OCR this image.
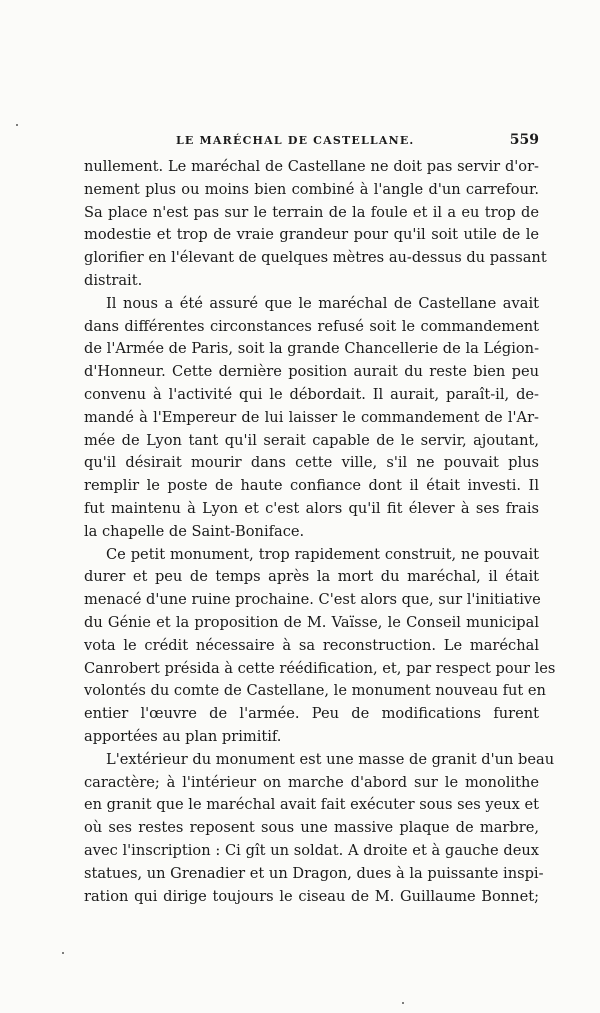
LE MARÉCHAL DE CASTELLANE.	559
nullement. Le maréchal de Castellane ne doit pas servir d'or-
nement plus ou moins bien combiné à l'angle d'un carrefour.
Sa place n'est pas sur le terrain de la foule et il a eu trop de
modestie et trop de vraie grandeur pour qu'il soit utile de le
glorifier en l'élevant de quelques mètres au-dessus du passant
distrait.
Il nous a été assuré que le maréchal de Castellane avait
dans différentes circonstances refusé soit le commandement
de l'Armée de Paris, soit la grande Chancellerie de la Légion-
d'Honneur. Cette dernière position aurait du reste bien peu
convenu à l'activité qui le débordait. Il aurait, paraît-il, de-
mandé à l'Empereur de lui laisser le commandement de l'Ar-
mée de Lyon tant qu'il serait capable de le servir, ajoutant,
qu'il désirait mourir dans cette ville, s'il ne pouvait plus
remplir le poste de haute confiance dont il était investi. Il
fut maintenu à Lyon et c'est alors qu'il fit élever à ses frais
la chapelle de Saint-Boniface.
Ce petit monument, trop rapidement construit, ne pouvait
durer et peu de temps après la mort du maréchal, il était
menacé d'une ruine prochaine. C'est alors que, sur l'initiative
du Génie et la proposition de M. Vaïsse, le Conseil municipal
vota le crédit nécessaire à sa reconstruction. Le maréchal
Canrobert présida à cette réédification, et, par respect pour les
volontés du comte de Castellane, le monument nouveau fut en
entier l'œuvre de l'armée. Peu de modifications furent
apportées au plan primitif.
L'extérieur du monument est une masse de granit d'un beau
caractère; à l'intérieur on marche d'abord sur le monolithe
en granit que le maréchal avait fait exécuter sous ses yeux et
où ses restes reposent sous une massive plaque de marbre,
avec l'inscription : Ci gît un soldat. A droite et à gauche deux
statues, un Grenadier et un Dragon, dues à la puissante inspi-
ration qui dirige toujours le ciseau de M. Guillaume Bonnet;
